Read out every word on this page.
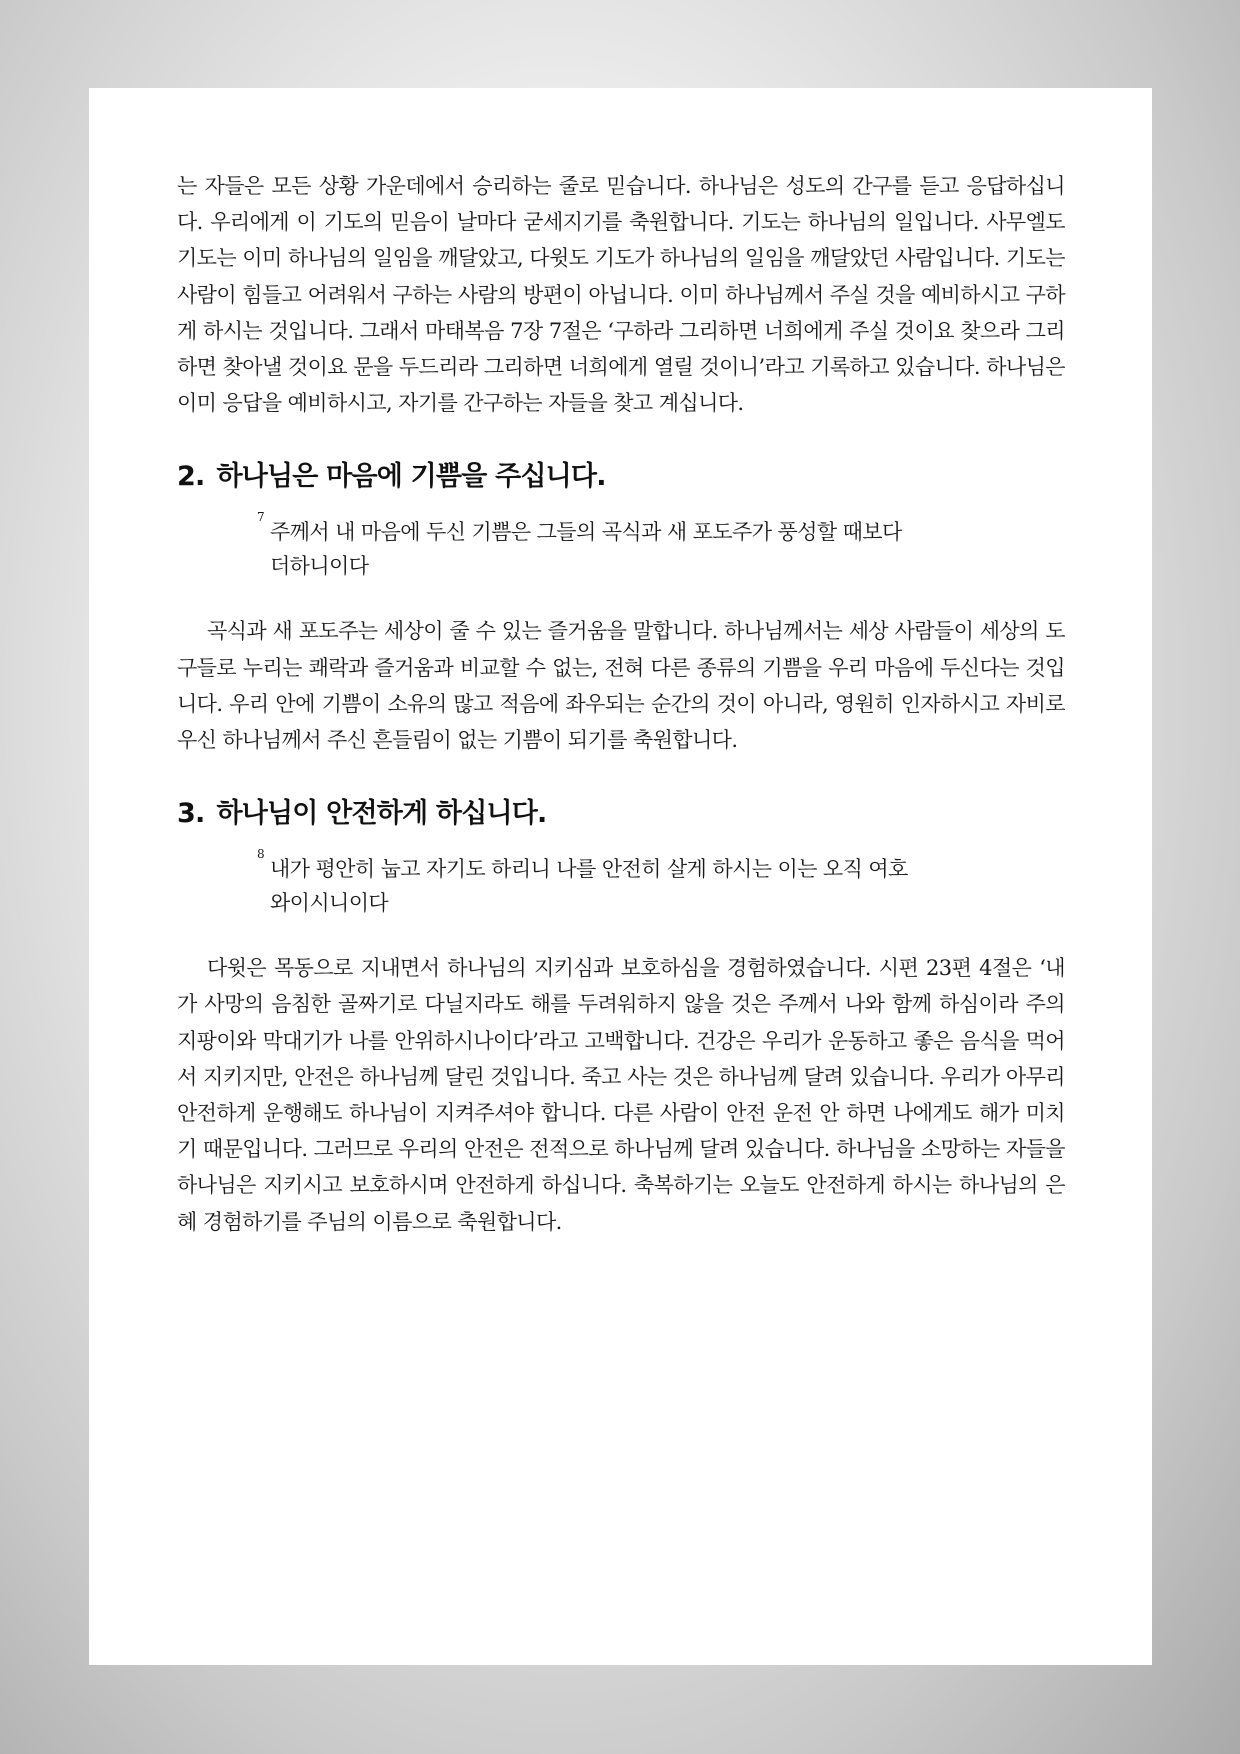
는 자들은 모든 상황 가운데에서 승리하는 줄로 믿습니다. 하나님은 성도의 간구를 듣고 응답하십니다. 우리에게 이 기도의 믿음이 날마다 굳세지기를 축원합니다. 기도는 하나님의 일입니다. 사무엘도 기도는 이미 하나님의 일임을 깨달았고, 다윗도 기도가 하나님의 일임을 깨달았던 사람입니다. 기도는 사람이 힘들고 어려워서 구하는 사람의 방편이 아닙니다. 이미 하나님께서 주실 것을 예비하시고 구하게 하시는 것입니다. 그래서 마태복음 7장 7절은 ‘구하라 그리하면 너희에게 주실 것이요 찾으라 그리하면 찾아낼 것이요 문을 두드리라 그리하면 너희에게 열릴 것이니’라고 기록하고 있습니다. 하나님은 이미 응답을 예비하시고, 자기를 간구하는 자들을 찾고 계십니다.

2. 하나님은 마음에 기쁨을 주십니다.
7
주께서 내 마음에 두신 기쁨은 그들의 곡식과 새 포도주가 풍성할 때보다
더하니이다

곡식과 새 포도주는 세상이 줄 수 있는 즐거움을 말합니다. 하나님께서는 세상 사람들이 세상의 도구들로 누리는 쾌락과 즐거움과 비교할 수 없는, 전혀 다른 종류의 기쁨을 우리 마음에 두신다는 것입니다. 우리 안에 기쁨이 소유의 많고 적음에 좌우되는 순간의 것이 아니라, 영원히 인자하시고 자비로우신 하나님께서 주신 흔들림이 없는 기쁨이 되기를 축원합니다.

3. 하나님이 안전하게 하십니다.
8
내가 평안히 눕고 자기도 하리니 나를 안전히 살게 하시는 이는 오직 여호
와이시니이다

다윗은 목동으로 지내면서 하나님의 지키심과 보호하심을 경험하였습니다. 시편 23편 4절은 ‘내가 사망의 음침한 골짜기로 다닐지라도 해를 두려워하지 않을 것은 주께서 나와 함께 하심이라 주의 지팡이와 막대기가 나를 안위하시나이다’라고 고백합니다. 건강은 우리가 운동하고 좋은 음식을 먹어서 지키지만, 안전은 하나님께 달린 것입니다. 죽고 사는 것은 하나님께 달려 있습니다. 우리가 아무리 안전하게 운행해도 하나님이 지켜주셔야 합니다. 다른 사람이 안전 운전 안 하면 나에게도 해가 미치기 때문입니다. 그러므로 우리의 안전은 전적으로 하나님께 달려 있습니다. 하나님을 소망하는 자들을 하나님은 지키시고 보호하시며 안전하게 하십니다. 축복하기는 오늘도 안전하게 하시는 하나님의 은혜 경험하기를 주님의 이름으로 축원합니다.
